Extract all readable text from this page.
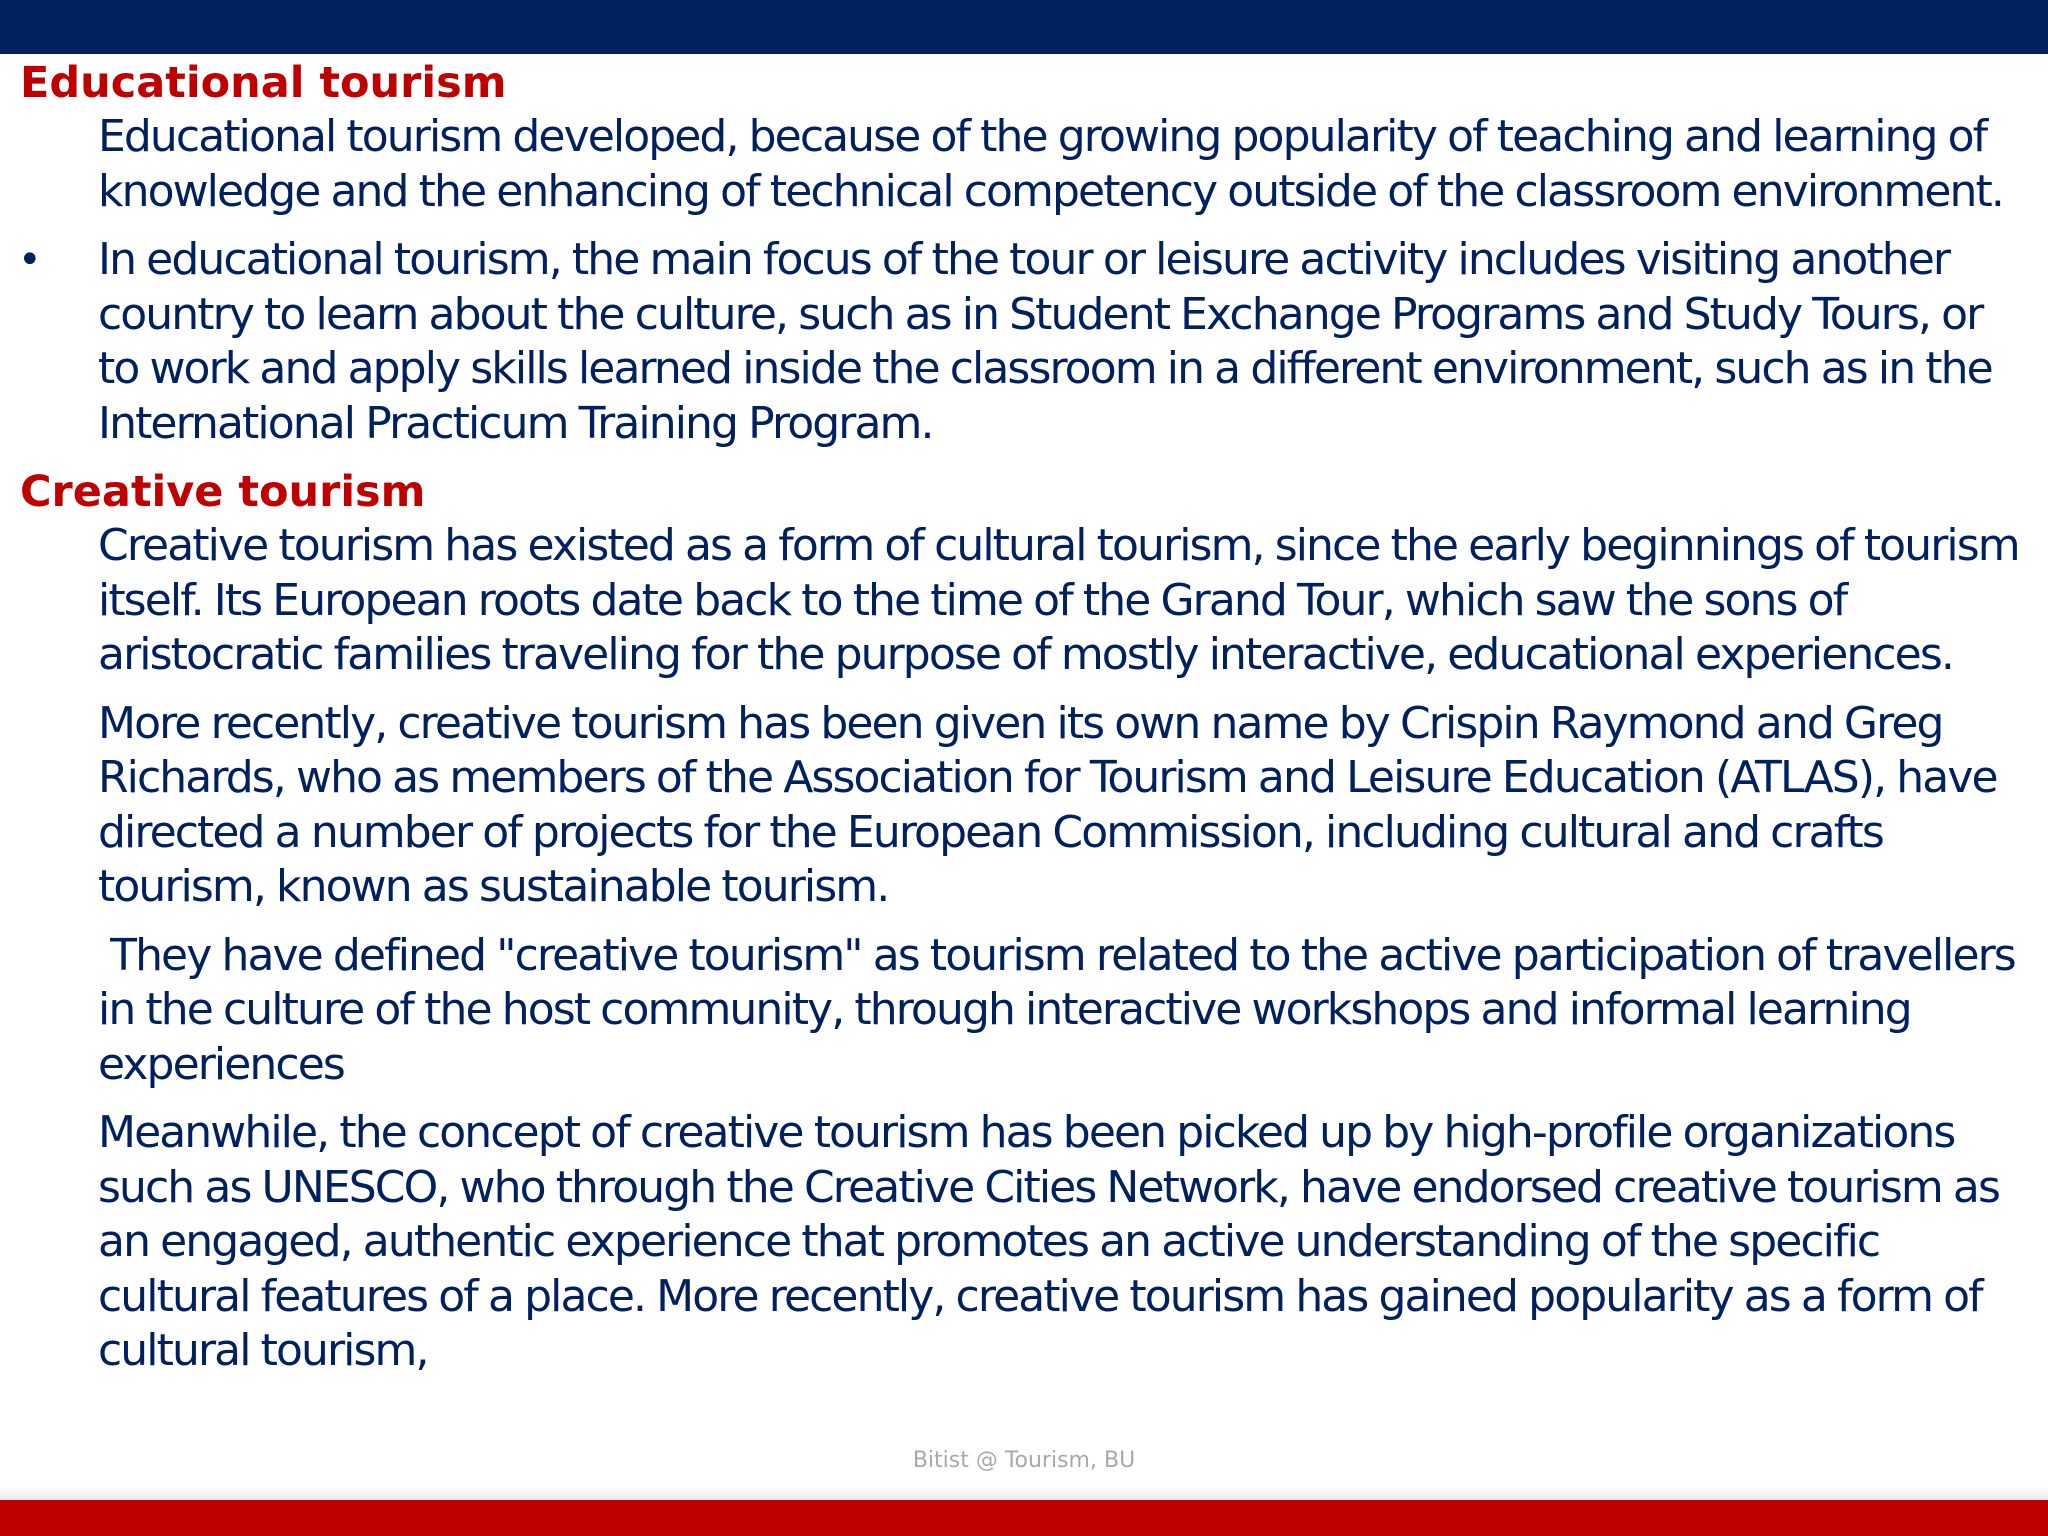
Educational tourism

Educational tourism developed, because of the growing popularity of teaching and learning of knowledge and the enhancing of technical competency outside of the classroom environment.

• In educational tourism, the main focus of the tour or leisure activity includes visiting another country to learn about the culture, such as in Student Exchange Programs and Study Tours, or to work and apply skills learned inside the classroom in a different environment, such as in the International Practicum Training Program.

Creative tourism

Creative tourism has existed as a form of cultural tourism, since the early beginnings of tourism itself. Its European roots date back to the time of the Grand Tour, which saw the sons of aristocratic families traveling for the purpose of mostly interactive, educational experiences.

More recently, creative tourism has been given its own name by Crispin Raymond and Greg Richards, who as members of the Association for Tourism and Leisure Education (ATLAS), have directed a number of projects for the European Commission, including cultural and crafts tourism, known as sustainable tourism.

They have defined "creative tourism" as tourism related to the active participation of travellers in the culture of the host community, through interactive workshops and informal learning experiences

Meanwhile, the concept of creative tourism has been picked up by high-profile organizations such as UNESCO, who through the Creative Cities Network, have endorsed creative tourism as an engaged, authentic experience that promotes an active understanding of the specific cultural features of a place. More recently, creative tourism has gained popularity as a form of cultural tourism,

Bitist @ Tourism, BU
